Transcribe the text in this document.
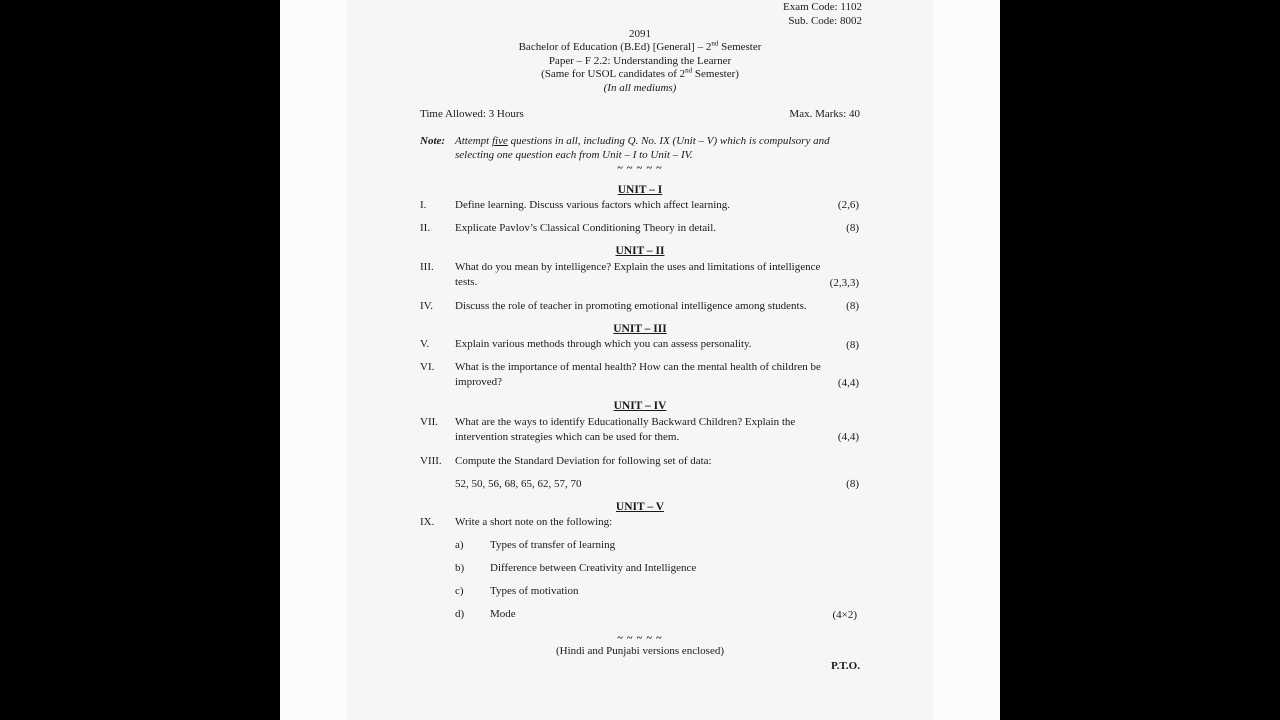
Exam Code: 1102
Sub. Code: 8002
2091
Bachelor of Education (B.Ed) [General] – 2nd Semester
Paper – F 2.2: Understanding the Learner
(Same for USOL candidates of 2nd Semester)
(In all mediums)
Time Allowed: 3 Hours	Max. Marks: 40
Note: Attempt five questions in all, including Q. No. IX (Unit – V) which is compulsory and
selecting one question each from Unit – I to Unit – IV.
~ ~ ~ ~ ~
UNIT – I
I.	Define learning. Discuss various factors which affect learning.	(2,6)
II.	Explicate Pavlov’s Classical Conditioning Theory in detail.	(8)
UNIT – II
III.	What do you mean by intelligence? Explain the uses and limitations of intelligence
tests.	(2,3,3)
IV.	Discuss the role of teacher in promoting emotional intelligence among students.	(8)
UNIT – III
V.	Explain various methods through which you can assess personality.	(8)
VI.	What is the importance of mental health? How can the mental health of children be
improved?	(4,4)
UNIT – IV
VII.	What are the ways to identify Educationally Backward Children? Explain the
intervention strategies which can be used for them.	(4,4)
VIII.	Compute the Standard Deviation for following set of data:
52, 50, 56, 68, 65, 62, 57, 70	(8)
UNIT – V
IX.	Write a short note on the following:
a) Types of transfer of learning
b) Difference between Creativity and Intelligence
c) Types of motivation
d) Mode	(4×2)
~ ~ ~ ~ ~
(Hindi and Punjabi versions enclosed)
P.T.O.
